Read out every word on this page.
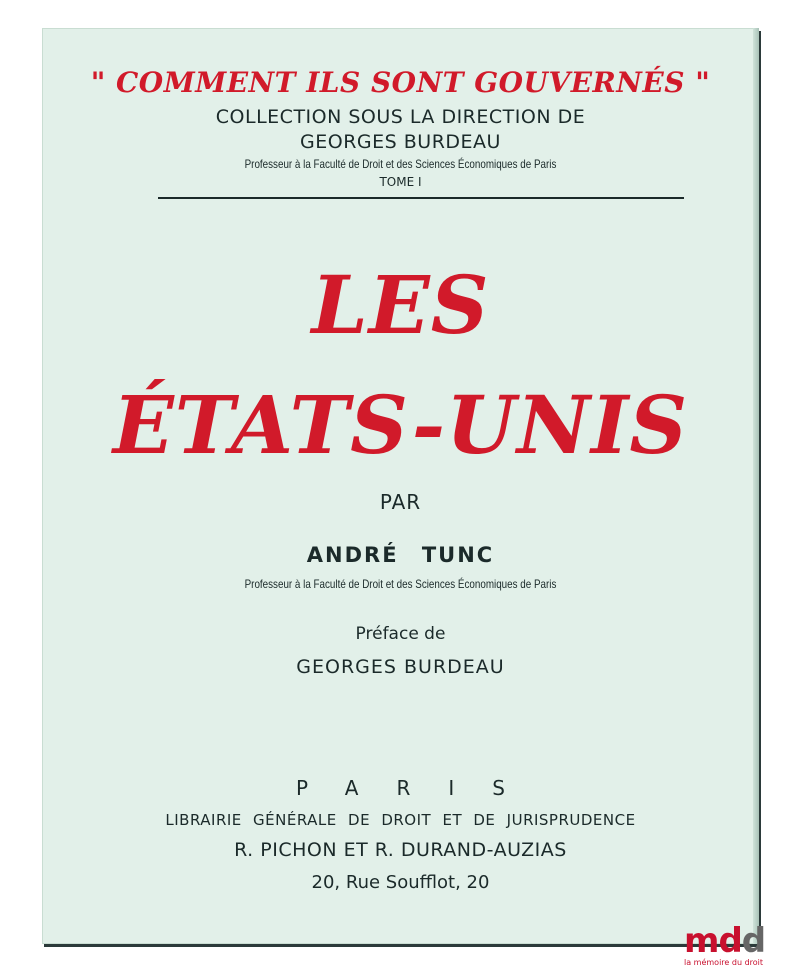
" COMMENT ILS SONT GOUVERNÉS "
COLLECTION SOUS LA DIRECTION DE
GEORGES BURDEAU
Professeur à la Faculté de Droit et des Sciences Économiques de Paris
TOME I
LES
ÉTATS-UNIS
PAR
ANDRÉ TUNC
Professeur à la Faculté de Droit et des Sciences Économiques de Paris
Préface de
GEORGES BURDEAU
PARIS
LIBRAIRIE GÉNÉRALE DE DROIT ET DE JURISPRUDENCE
R. PICHON ET R. DURAND-AUZIAS
20, Rue Soufflot, 20
mdd
la mémoire du droit
